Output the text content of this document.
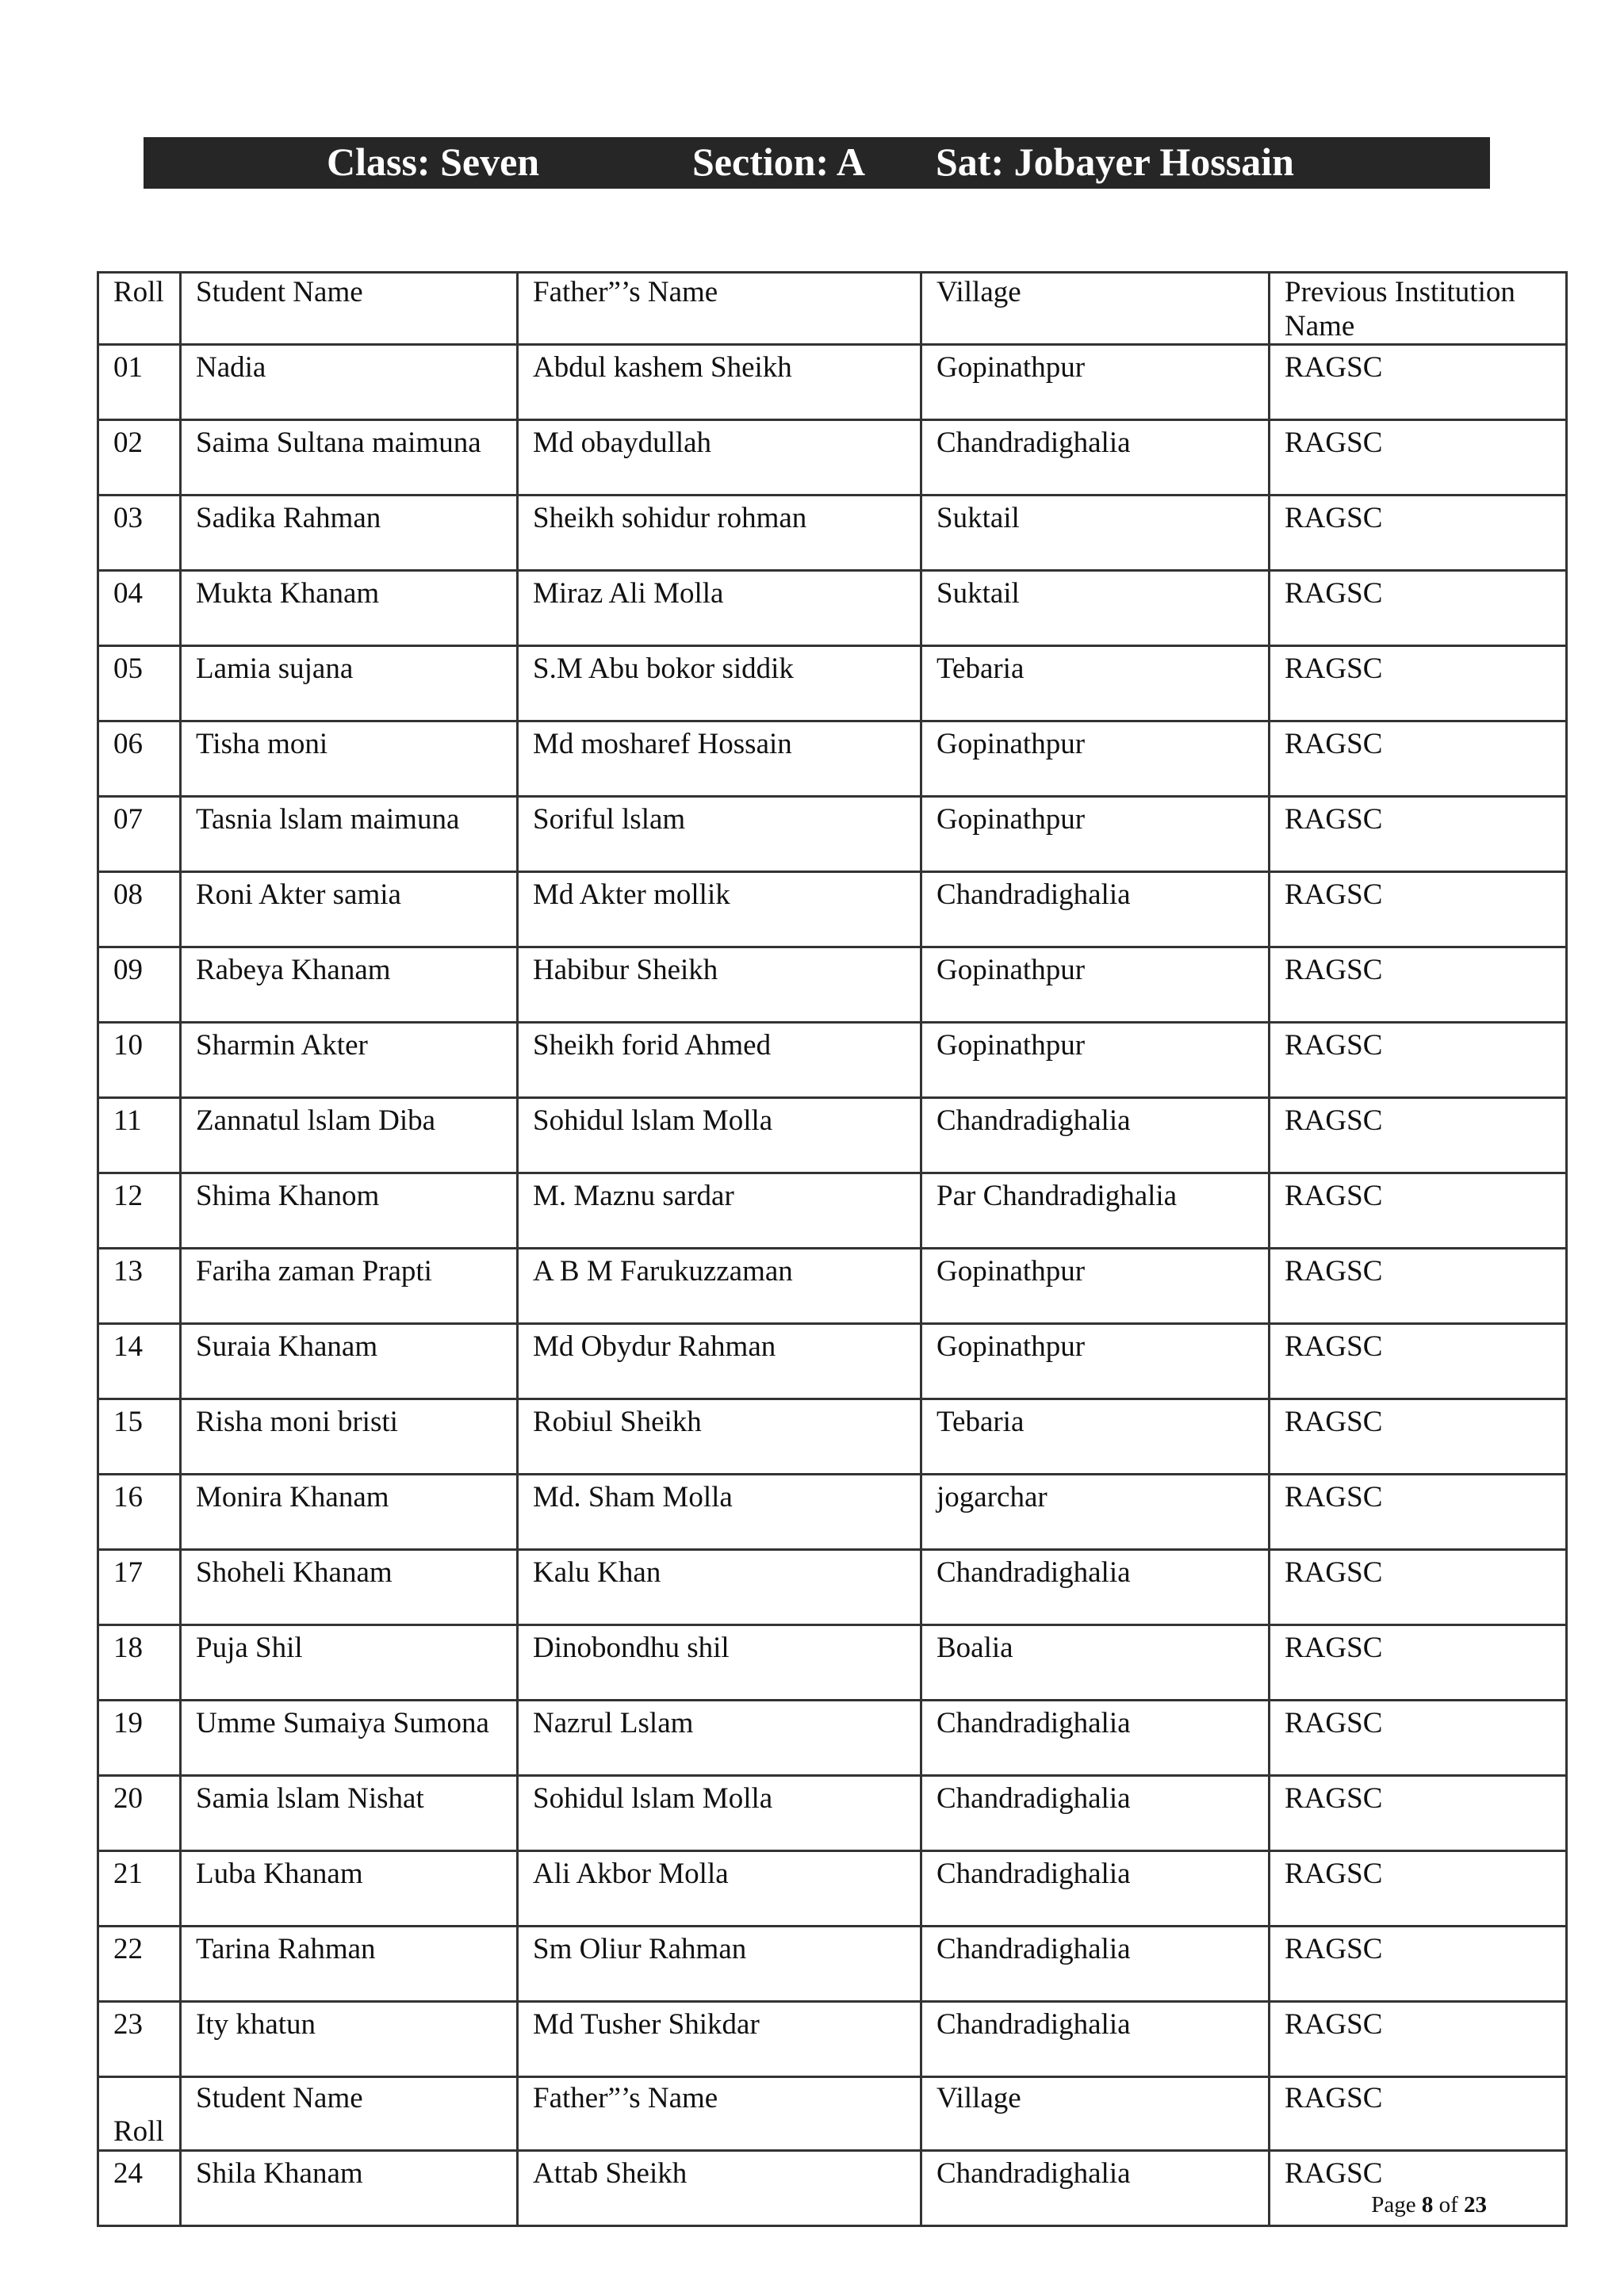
Class: Seven	Section: A Sat: Jobayer Hossain
Roll	Student Name	Father”’s Name	Village	Previous Institution Name
01	Nadia	Abdul kashem Sheikh	Gopinathpur	RAGSC
02	Saima Sultana maimuna	Md obaydullah	Chandradighalia	RAGSC
03	Sadika Rahman	Sheikh sohidur rohman	Suktail	RAGSC
04	Mukta Khanam	Miraz Ali Molla	Suktail	RAGSC
05	Lamia sujana	S.M Abu bokor siddik	Tebaria	RAGSC
06	Tisha moni	Md mosharef Hossain	Gopinathpur	RAGSC
07	Tasnia lslam maimuna	Soriful lslam	Gopinathpur	RAGSC
08	Roni Akter samia	Md Akter mollik	Chandradighalia	RAGSC
09	Rabeya Khanam	Habibur Sheikh	Gopinathpur	RAGSC
10	Sharmin Akter	Sheikh forid Ahmed	Gopinathpur	RAGSC
11	Zannatul lslam Diba	Sohidul lslam Molla	Chandradighalia	RAGSC
12	Shima Khanom	M. Maznu sardar	Par Chandradighalia	RAGSC
13	Fariha zaman Prapti	A B M Farukuzzaman	Gopinathpur	RAGSC
14	Suraia Khanam	Md Obydur Rahman	Gopinathpur	RAGSC
15	Risha moni bristi	Robiul Sheikh	Tebaria	RAGSC
16	Monira Khanam	Md. Sham Molla	jogarchar	RAGSC
17	Shoheli Khanam	Kalu Khan	Chandradighalia	RAGSC
18	Puja Shil	Dinobondhu shil	Boalia	RAGSC
19	Umme Sumaiya Sumona	Nazrul Lslam	Chandradighalia	RAGSC
20	Samia lslam Nishat	Sohidul lslam Molla	Chandradighalia	RAGSC
21	Luba Khanam	Ali Akbor Molla	Chandradighalia	RAGSC
22	Tarina Rahman	Sm Oliur Rahman	Chandradighalia	RAGSC
23	Ity khatun	Md Tusher Shikdar	Chandradighalia	RAGSC

Roll	Student Name	Father”’s Name	Village	RAGSC
24	Shila Khanam	Attab Sheikh	Chandradighalia	RAGSC
Page 8 of 23
